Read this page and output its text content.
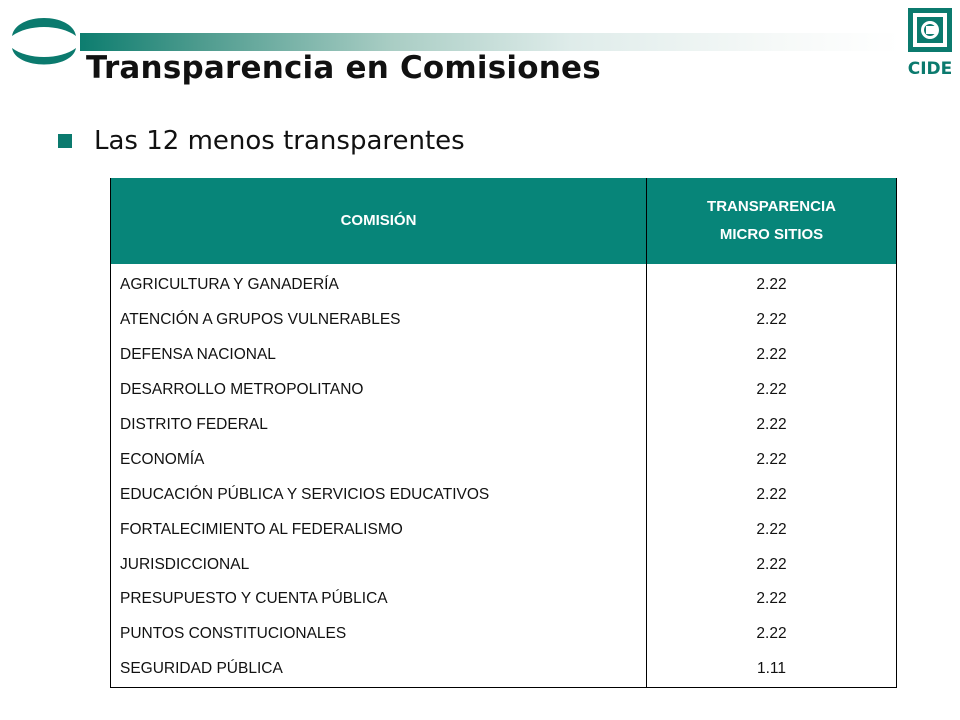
Transparencia en Comisiones	CIDE
Las 12 menos transparentes
COMISIÓN	TRANSPARENCIA
MICRO SITIOS

AGRICULTURA Y GANADERÍA	2.22
ATENCIÓN A GRUPOS VULNERABLES	2.22
DEFENSA NACIONAL	2.22
DESARROLLO METROPOLITANO	2.22
DISTRITO FEDERAL	2.22
ECONOMÍA	2.22
EDUCACIÓN PÚBLICA Y SERVICIOS EDUCATIVOS	2.22
FORTALECIMIENTO AL FEDERALISMO	2.22
JURISDICCIONAL	2.22
PRESUPUESTO Y CUENTA PÚBLICA	2.22
PUNTOS CONSTITUCIONALES	2.22
SEGURIDAD PÚBLICA	1.11
